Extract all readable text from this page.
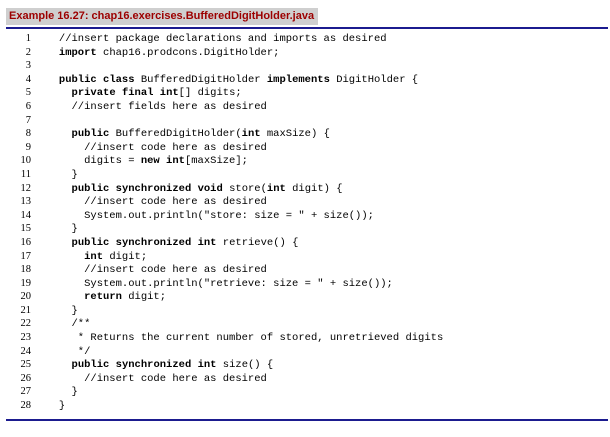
Example 16.27: chap16.exercises.BufferedDigitHolder.java
1 //insert package declarations and imports as desired
2	import chap16.prodcons.DigitHolder;
3
4	public class BufferedDigitHolder implements DigitHolder {
5	private final int[] digits;
6 //insert fields here as desired
7
8	public BufferedDigitHolder(int maxSize) {
9 //insert code here as desired
10 digits = new int[maxSize];
11 }
12	public synchronized void store(int digit) {
13 //insert code here as desired
14 System.out.println("store: size = " + size());
15 }
16	public synchronized int retrieve() {
17	int digit;
18 //insert code here as desired
19 System.out.println("retrieve: size = " + size());
20	return digit;
21 }
22 /**
23 * Returns the current number of stored, unretrieved digits
24 */
25	public synchronized int size() {
26 //insert code here as desired
27 }
28 }
